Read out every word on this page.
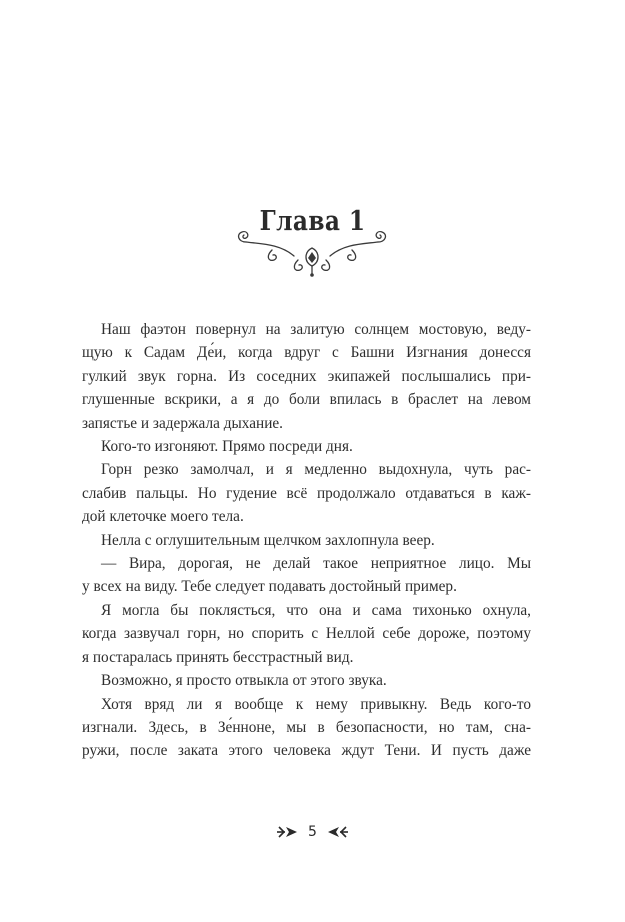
Глава 1

Наш фаэтон повернул на залитую солнцем мостовую, веду-
щую к Садам Де́и, когда вдруг с Башни Изгнания донесся
гулкий звук горна. Из соседних экипажей послышались при-
глушенные вскрики, а я до боли впилась в браслет на левом
запястье и задержала дыхание.

Кого-то изгоняют. Прямо посреди дня.

Горн резко замолчал, и я медленно выдохнула, чуть рас-
слабив пальцы. Но гудение всё продолжало отдаваться в каж-
дой клеточке моего тела.

Нелла с оглушительным щелчком захлопнула веер.

— Вира, дорогая, не делай такое неприятное лицо. Мы
у всех на виду. Тебе следует подавать достойный пример.

Я могла бы поклясться, что она и сама тихонько охнула,
когда зазвучал горн, но спорить с Неллой себе дороже, поэтому
я постаралась принять бесстрастный вид.

Возможно, я просто отвыкла от этого звука.

Хотя вряд ли я вообще к нему привыкну. Ведь кого-то
изгнали. Здесь, в Зе́нноне, мы в безопасности, но там, сна-
ружи, после заката этого человека ждут Тени. И пусть даже

5
